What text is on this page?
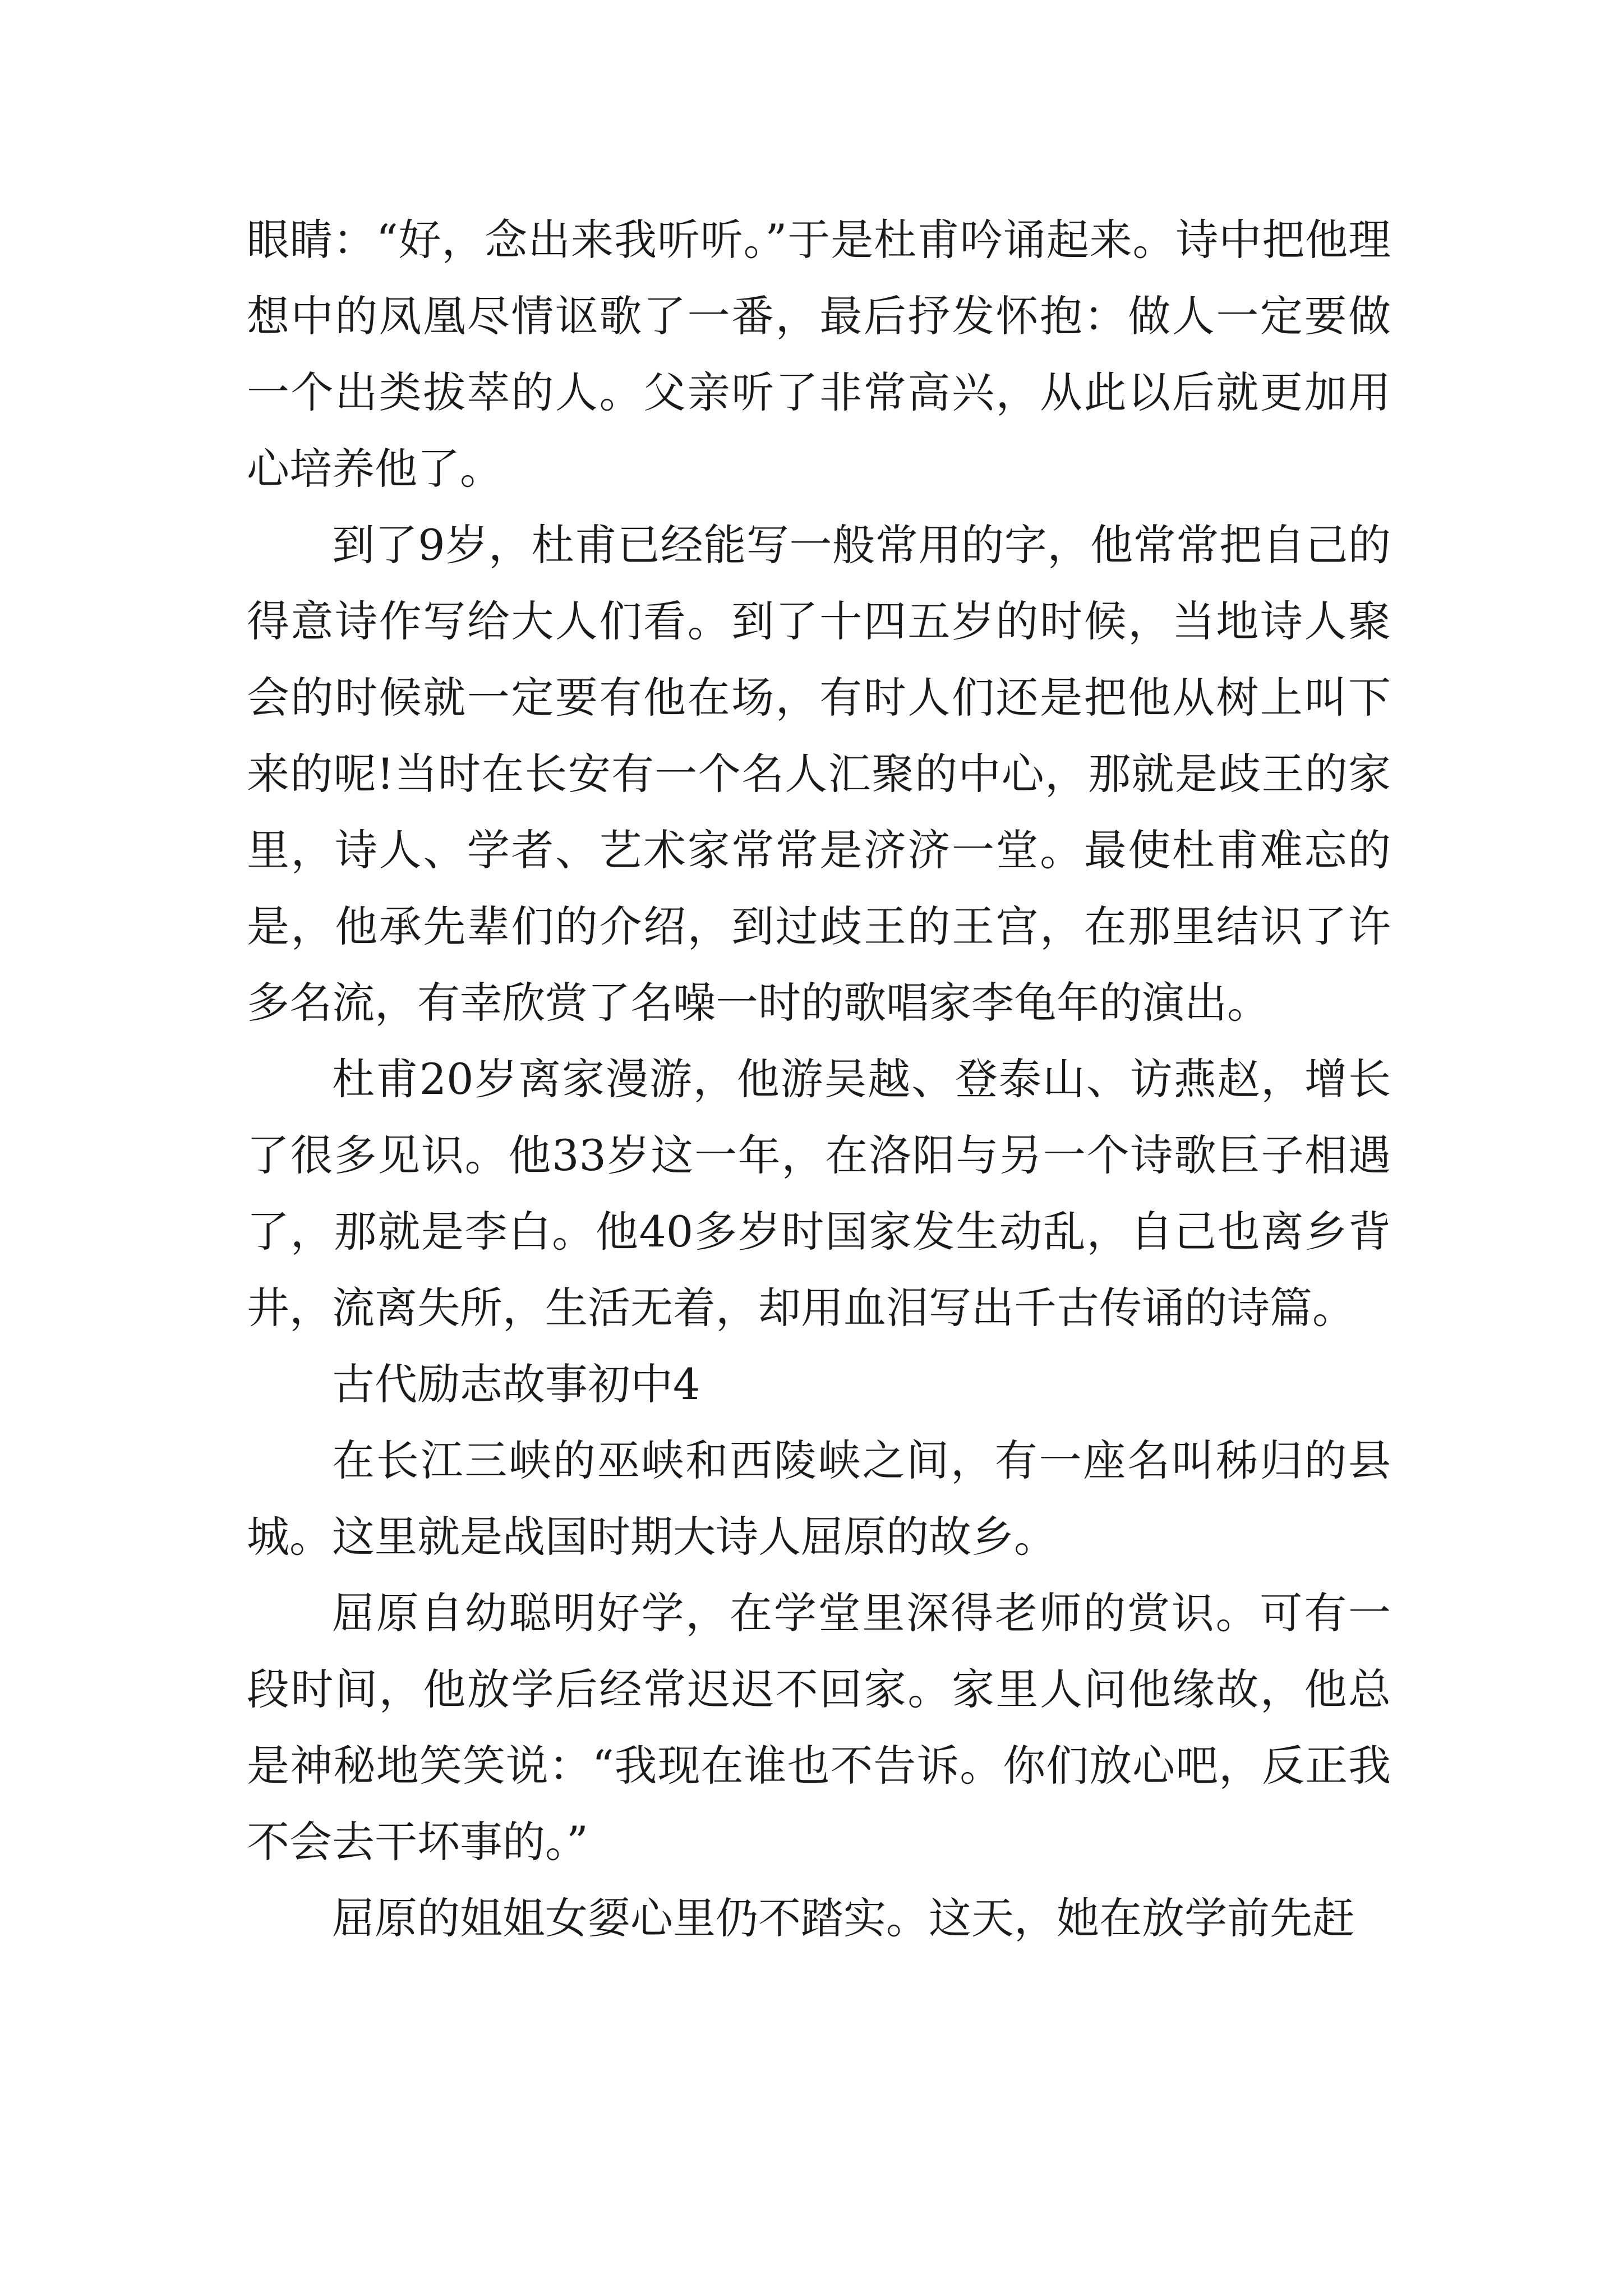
眼睛：“好，念出来我听听。”于是杜甫吟诵起来。诗中把他理想中的凤凰尽情讴歌了一番，最后抒发怀抱：做人一定要做一个出类拔萃的人。父亲听了非常高兴，从此以后就更加用心培养他了。

到了9岁，杜甫已经能写一般常用的字，他常常把自己的得意诗作写给大人们看。到了十四五岁的时候，当地诗人聚会的时候就一定要有他在场，有时人们还是把他从树上叫下来的呢!当时在长安有一个名人汇聚的中心，那就是歧王的家里，诗人、学者、艺术家常常是济济一堂。最使杜甫难忘的是，他承先辈们的介绍，到过歧王的王宫，在那里结识了许多名流，有幸欣赏了名噪一时的歌唱家李龟年的演出。

杜甫20岁离家漫游，他游吴越、登泰山、访燕赵，增长了很多见识。他33岁这一年，在洛阳与另一个诗歌巨子相遇了，那就是李白。他40多岁时国家发生动乱，自己也离乡背井，流离失所，生活无着，却用血泪写出千古传诵的诗篇。

古代励志故事初中4

在长江三峡的巫峡和西陵峡之间，有一座名叫秭归的县城。这里就是战国时期大诗人屈原的故乡。

屈原自幼聪明好学，在学堂里深得老师的赏识。可有一段时间，他放学后经常迟迟不回家。家里人问他缘故，他总是神秘地笑笑说：“我现在谁也不告诉。你们放心吧，反正我不会去干坏事的。”

屈原的姐姐女媭心里仍不踏实。这天，她在放学前先赶
